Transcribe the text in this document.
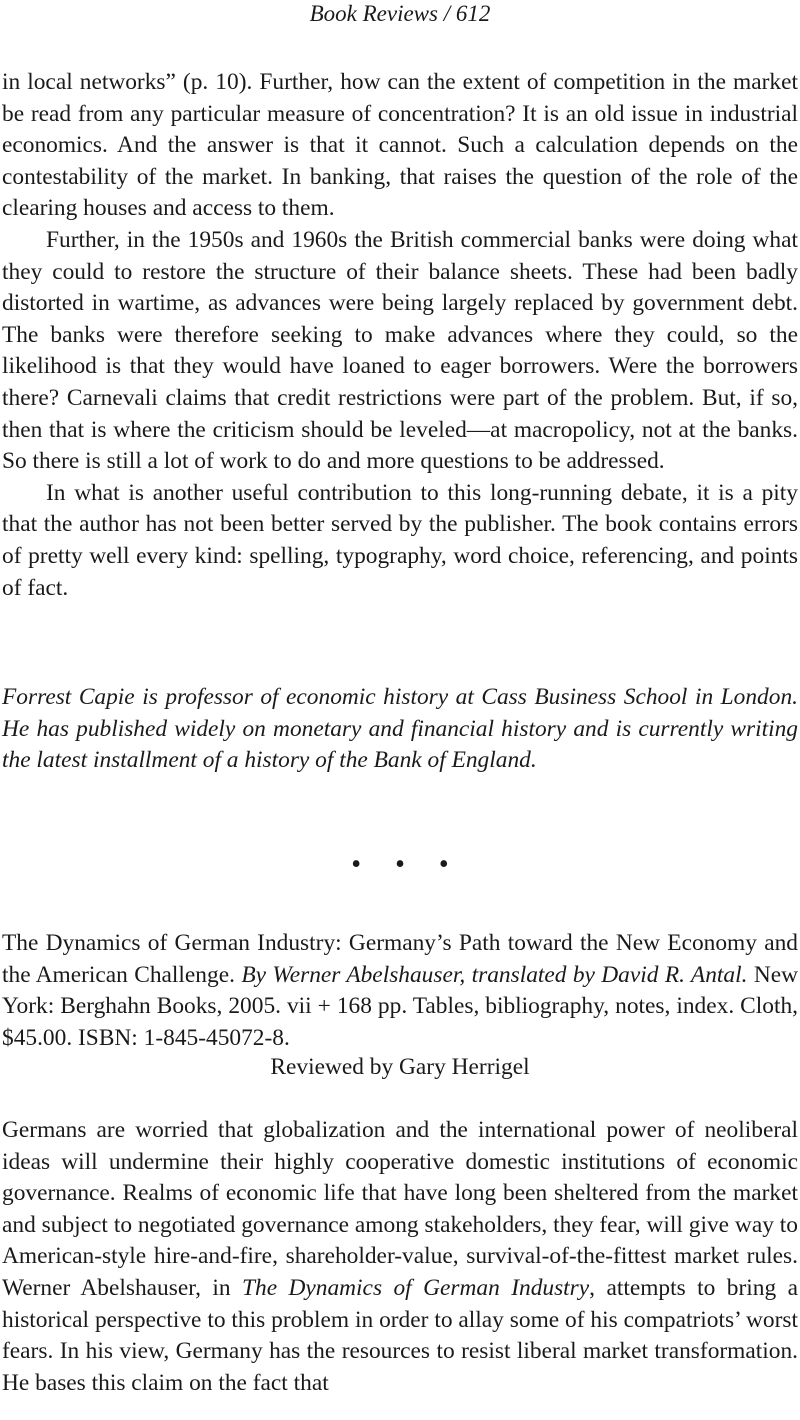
Book Reviews / 612

in local networks” (p. 10). Further, how can the extent of competition in the market be read from any particular measure of concentration? It is an old issue in industrial economics. And the answer is that it cannot. Such a calculation depends on the contestability of the market. In banking, that raises the question of the role of the clearing houses and access to them.

Further, in the 1950s and 1960s the British commercial banks were doing what they could to restore the structure of their balance sheets. These had been badly distorted in wartime, as advances were being largely replaced by government debt. The banks were therefore seeking to make advances where they could, so the likelihood is that they would have loaned to eager borrowers. Were the borrowers there? Carnevali claims that credit restrictions were part of the problem. But, if so, then that is where the criticism should be leveled—at macropolicy, not at the banks. So there is still a lot of work to do and more questions to be addressed.

In what is another useful contribution to this long-running debate, it is a pity that the author has not been better served by the publisher. The book contains errors of pretty well every kind: spelling, typography, word choice, referencing, and points of fact.

Forrest Capie is professor of economic history at Cass Business School in London. He has published widely on monetary and financial history and is currently writing the latest installment of a history of the Bank of England.

•••

The Dynamics of German Industry: Germany’s Path toward the New Economy and the American Challenge. By Werner Abelshauser, translated by David R. Antal. New York: Berghahn Books, 2005. vii + 168 pp. Tables, bibliography, notes, index. Cloth, $45.00. ISBN: 1-845-45072-8.

Reviewed by Gary Herrigel

Germans are worried that globalization and the international power of neoliberal ideas will undermine their highly cooperative domestic institutions of economic governance. Realms of economic life that have long been sheltered from the market and subject to negotiated governance among stakeholders, they fear, will give way to American-style hire-and-fire, shareholder-value, survival-of-the-fittest market rules. Werner Abelshauser, in The Dynamics of German Industry, attempts to bring a historical perspective to this problem in order to allay some of his compatriots’ worst fears. In his view, Germany has the resources to resist liberal market transformation. He bases this claim on the fact that
